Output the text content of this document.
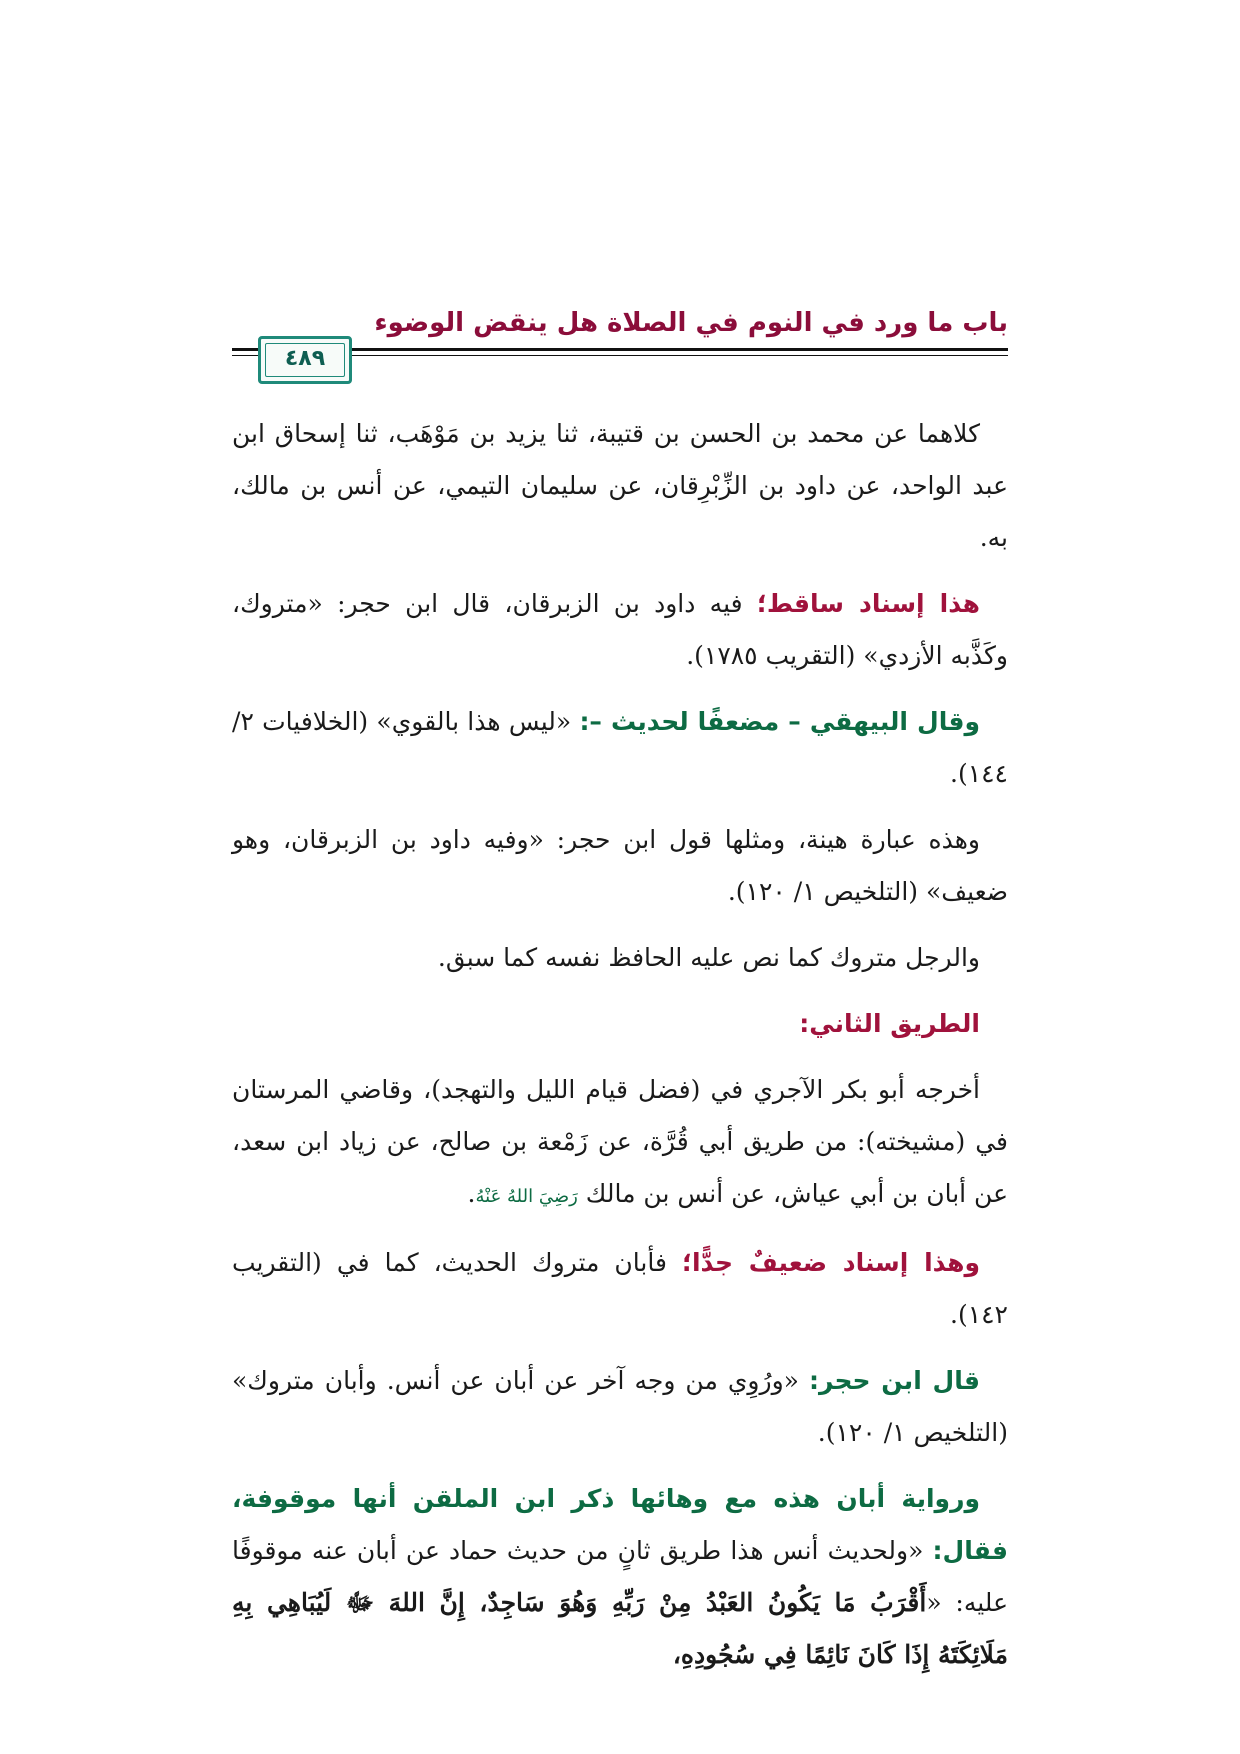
باب ما ورد في النوم في الصلاة هل ينقض الوضوء
٤٨٩

كلاهما عن محمد بن الحسن بن قتيبة، ثنا يزيد بن مَوْهَب، ثنا إسحاق ابن عبد الواحد، عن داود بن الزِّبْرِقان، عن سليمان التيمي، عن أنس بن مالك، به.

هذا إسناد ساقط؛ فيه داود بن الزبرقان، قال ابن حجر: «متروك، وكَذَّبه الأزدي» (التقريب ١٧٨٥).

وقال البيهقي – مضعفًا لحديث –: «ليس هذا بالقوي» (الخلافيات ٢/ ١٤٤).

وهذه عبارة هينة، ومثلها قول ابن حجر: «وفيه داود بن الزبرقان، وهو ضعيف» (التلخيص ١/ ١٢٠).

والرجل متروك كما نص عليه الحافظ نفسه كما سبق.

الطريق الثاني:

أخرجه أبو بكر الآجري في (فضل قيام الليل والتهجد)، وقاضي المرستان في (مشيخته): من طريق أبي قُرَّة، عن زَمْعة بن صالح، عن زياد ابن سعد، عن أبان بن أبي عياش، عن أنس بن مالك رَضِيَ اللهُ عَنْهُ.

وهذا إسناد ضعيفٌ جدًّا؛ فأبان متروك الحديث، كما في (التقريب ١٤٢).

قال ابن حجر: «ورُوِي من وجه آخر عن أبان عن أنس. وأبان متروك» (التلخيص ١/ ١٢٠).

ورواية أبان هذه مع وهائها ذكر ابن الملقن أنها موقوفة، فقال: «ولحديث أنس هذا طريق ثانٍ من حديث حماد عن أبان عنه موقوفًا عليه: «أَقْرَبُ مَا يَكُونُ العَبْدُ مِنْ رَبِّهِ وَهُوَ سَاجِدٌ، إِنَّ اللهَ ﷻ لَيُبَاهِي بِهِ مَلَائِكَتَهُ إِذَا كَانَ نَائِمًا فِي سُجُودِهِ،
